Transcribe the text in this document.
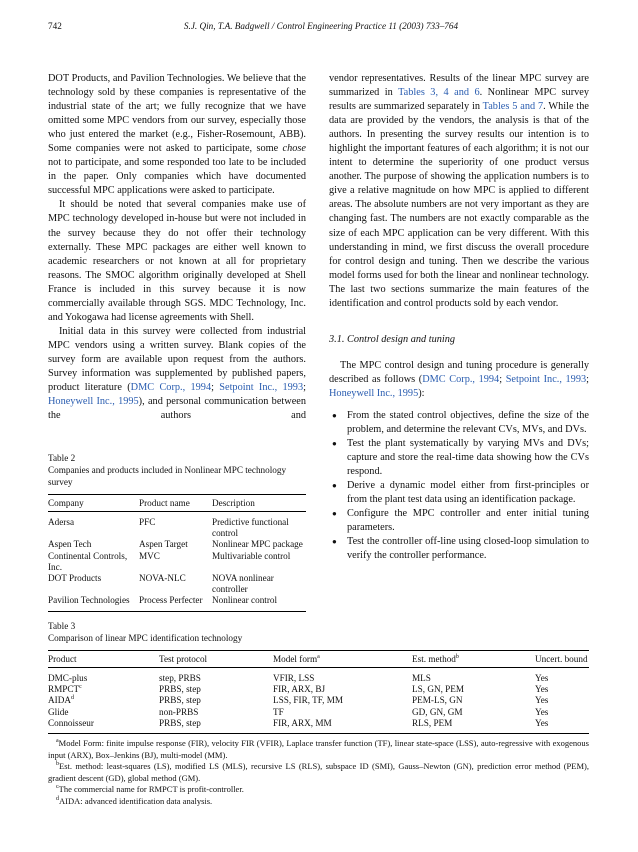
742	S.J. Qin, T.A. Badgwell / Control Engineering Practice 11 (2003) 733–764

DOT Products, and Pavilion Technologies. We believe that the technology sold by these companies is representative of the industrial state of the art; we fully recognize that we have omitted some MPC vendors from our survey, especially those who just entered the market (e.g., Fisher-Rosemount, ABB). Some companies were not asked to participate, some chose not to participate, and some responded too late to be included in the paper. Only companies which have documented successful MPC applications were asked to participate.

It should be noted that several companies make use of MPC technology developed in-house but were not included in the survey because they do not offer their technology externally. These MPC packages are either well known to academic researchers or not known at all for proprietary reasons. The SMOC algorithm originally developed at Shell France is included in this survey because it is now commercially available through SGS. MDC Technology, Inc. and Yokogawa had license agreements with Shell.

Initial data in this survey were collected from industrial MPC vendors using a written survey. Blank copies of the survey form are available upon request from the authors. Survey information was supplemented by published papers, product literature (DMC Corp., 1994; Setpoint Inc., 1993; Honeywell Inc., 1995), and personal communication between the authors and

vendor representatives. Results of the linear MPC survey are summarized in Tables 3, 4 and 6. Nonlinear MPC survey results are summarized separately in Tables 5 and 7. While the data are provided by the vendors, the analysis is that of the authors. In presenting the survey results our intention is to highlight the important features of each algorithm; it is not our intent to determine the superiority of one product versus another. The purpose of showing the application numbers is to give a relative magnitude on how MPC is applied to different areas. The absolute numbers are not very important as they are changing fast. The numbers are not exactly comparable as the size of each MPC application can be very different. With this understanding in mind, we first discuss the overall procedure for control design and tuning. Then we describe the various model forms used for both the linear and nonlinear technology. The last two sections summarize the main features of the identification and control products sold by each vendor.

3.1. Control design and tuning

The MPC control design and tuning procedure is generally described as follows (DMC Corp., 1994; Setpoint Inc., 1993; Honeywell Inc., 1995):

● From the stated control objectives, define the size of the problem, and determine the relevant CVs, MVs, and DVs.
● Test the plant systematically by varying MVs and DVs; capture and store the real-time data showing how the CVs respond.
● Derive a dynamic model either from first-principles or from the plant test data using an identification package.
● Configure the MPC controller and enter initial tuning parameters.
● Test the controller off-line using closed-loop simulation to verify the controller performance.
Table 2
Companies and products included in Nonlinear MPC technology survey
Company	Product name	Description
Adersa	PFC	Predictive functional control
Aspen Tech	Aspen Target	Nonlinear MPC package
Continental Controls, Inc.	MVC	Multivariable control
DOT Products	NOVA-NLC	NOVA nonlinear controller
Pavilion Technologies	Process Perfecter	Nonlinear control
Table 3
Comparison of linear MPC identification technology
Product	Test protocol	Model form$^a$	Est. method$^b$	Uncert. bound
DMC-plus	step, PRBS	VFIR, LSS	MLS	Yes
RMPCT$^c$	PRBS, step	FIR, ARX, BJ	LS, GN, PEM	Yes
AIDA$^d$	PRBS, step	LSS, FIR, TF, MM	PEM-LS, GN	Yes
Glide	non-PRBS	TF	GD, GN, GM	Yes
Connoisseur	PRBS, step	FIR, ARX, MM	RLS, PEM	Yes

$^a$Model Form: finite impulse response (FIR), velocity FIR (VFIR), Laplace transfer function (TF), linear state-space (LSS), auto-regressive with exogenous input (ARX), Box–Jenkins (BJ), multi-model (MM).

$^b$Est. method: least-squares (LS), modified LS (MLS), recursive LS (RLS), subspace ID (SMI), Gauss–Newton (GN), prediction error method (PEM), gradient descent (GD), global method (GM).

$^c$The commercial name for RMPCT is profit-controller.

$^d$AIDA: advanced identification data analysis.
